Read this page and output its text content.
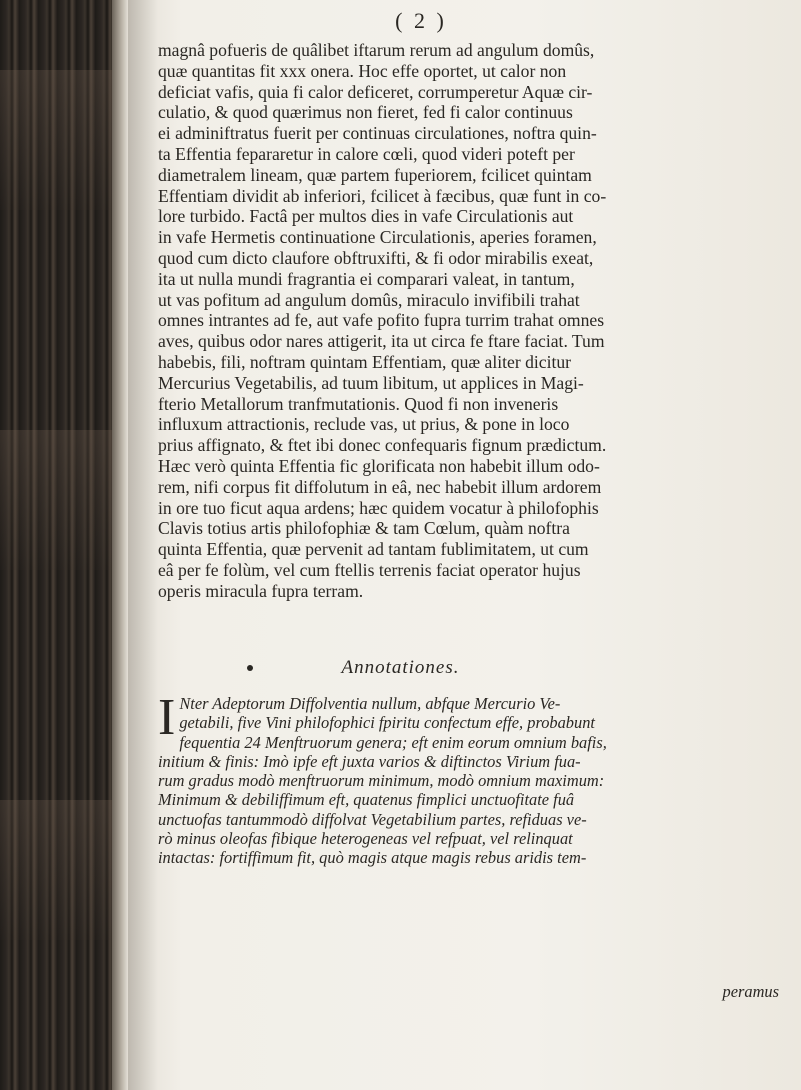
( 2 )
magnâ pofueris de quâlibet iftarum rerum ad angulum domûs,
quæ quantitas fit xxx onera. Hoc effe oportet, ut calor non
deficiat vafis, quia fi calor deficeret, corrumperetur Aquæ cir-
culatio, & quod quærimus non fieret, fed fi calor continuus
ei adminiftratus fuerit per continuas circulationes, noftra quin-
ta Effentia fepararetur in calore cœli, quod videri poteft per
diametralem lineam, quæ partem fuperiorem, fcilicet quintam
Effentiam dividit ab inferiori, fcilicet à fæcibus, quæ funt in co-
lore turbido. Factâ per multos dies in vafe Circulationis aut
in vafe Hermetis continuatione Circulationis, aperies foramen,
quod cum dicto claufore obftruxifti, & fi odor mirabilis exeat,
ita ut nulla mundi fragrantia ei comparari valeat, in tantum,
ut vas pofitum ad angulum domûs, miraculo invifibili trahat
omnes intrantes ad fe, aut vafe pofito fupra turrim trahat omnes
aves, quibus odor nares attigerit, ita ut circa fe ftare faciat. Tum
habebis, fili, noftram quintam Effentiam, quæ aliter dicitur
Mercurius Vegetabilis, ad tuum libitum, ut applices in Magi-
fterio Metallorum tranfmutationis. Quod fi non inveneris
influxum attractionis, reclude vas, ut prius, & pone in loco
prius affignato, & ftet ibi donec confequaris fignum prædictum.
Hæc verò quinta Effentia fic glorificata non habebit illum odo-
rem, nifi corpus fit diffolutum in eâ, nec habebit illum ardorem
in ore tuo ficut aqua ardens; hæc quidem vocatur à philofophis
Clavis totius artis philofophiæ & tam Cœlum, quàm noftra
quinta Effentia, quæ pervenit ad tantam fublimitatem, ut cum
eâ per fe folùm, vel cum ftellis terrenis faciat operator hujus
operis miracula fupra terram.
Annotationes.
I Nter Adeptorum Diffolventia nullum, abfque Mercurio Ve-
getabili, five Vini philofophici fpiritu confectum effe, probabunt
fequentia 24 Menftruorum genera; eft enim eorum omnium bafis,
initium & finis: Imò ipfe eft juxta varios & diftinctos Virium fua-
rum gradus modò menftruorum minimum, modò omnium maximum:
Minimum & debiliffimum eft, quatenus fimplici unctuofitate fuâ
unctuofas tantummodò diffolvat Vegetabilium partes, refiduas ve-
rò minus oleofas fibique heterogeneas vel refpuat, vel relinquat
intactas: fortiffimum fit, quò magis atque magis rebus aridis tem-
peramus
